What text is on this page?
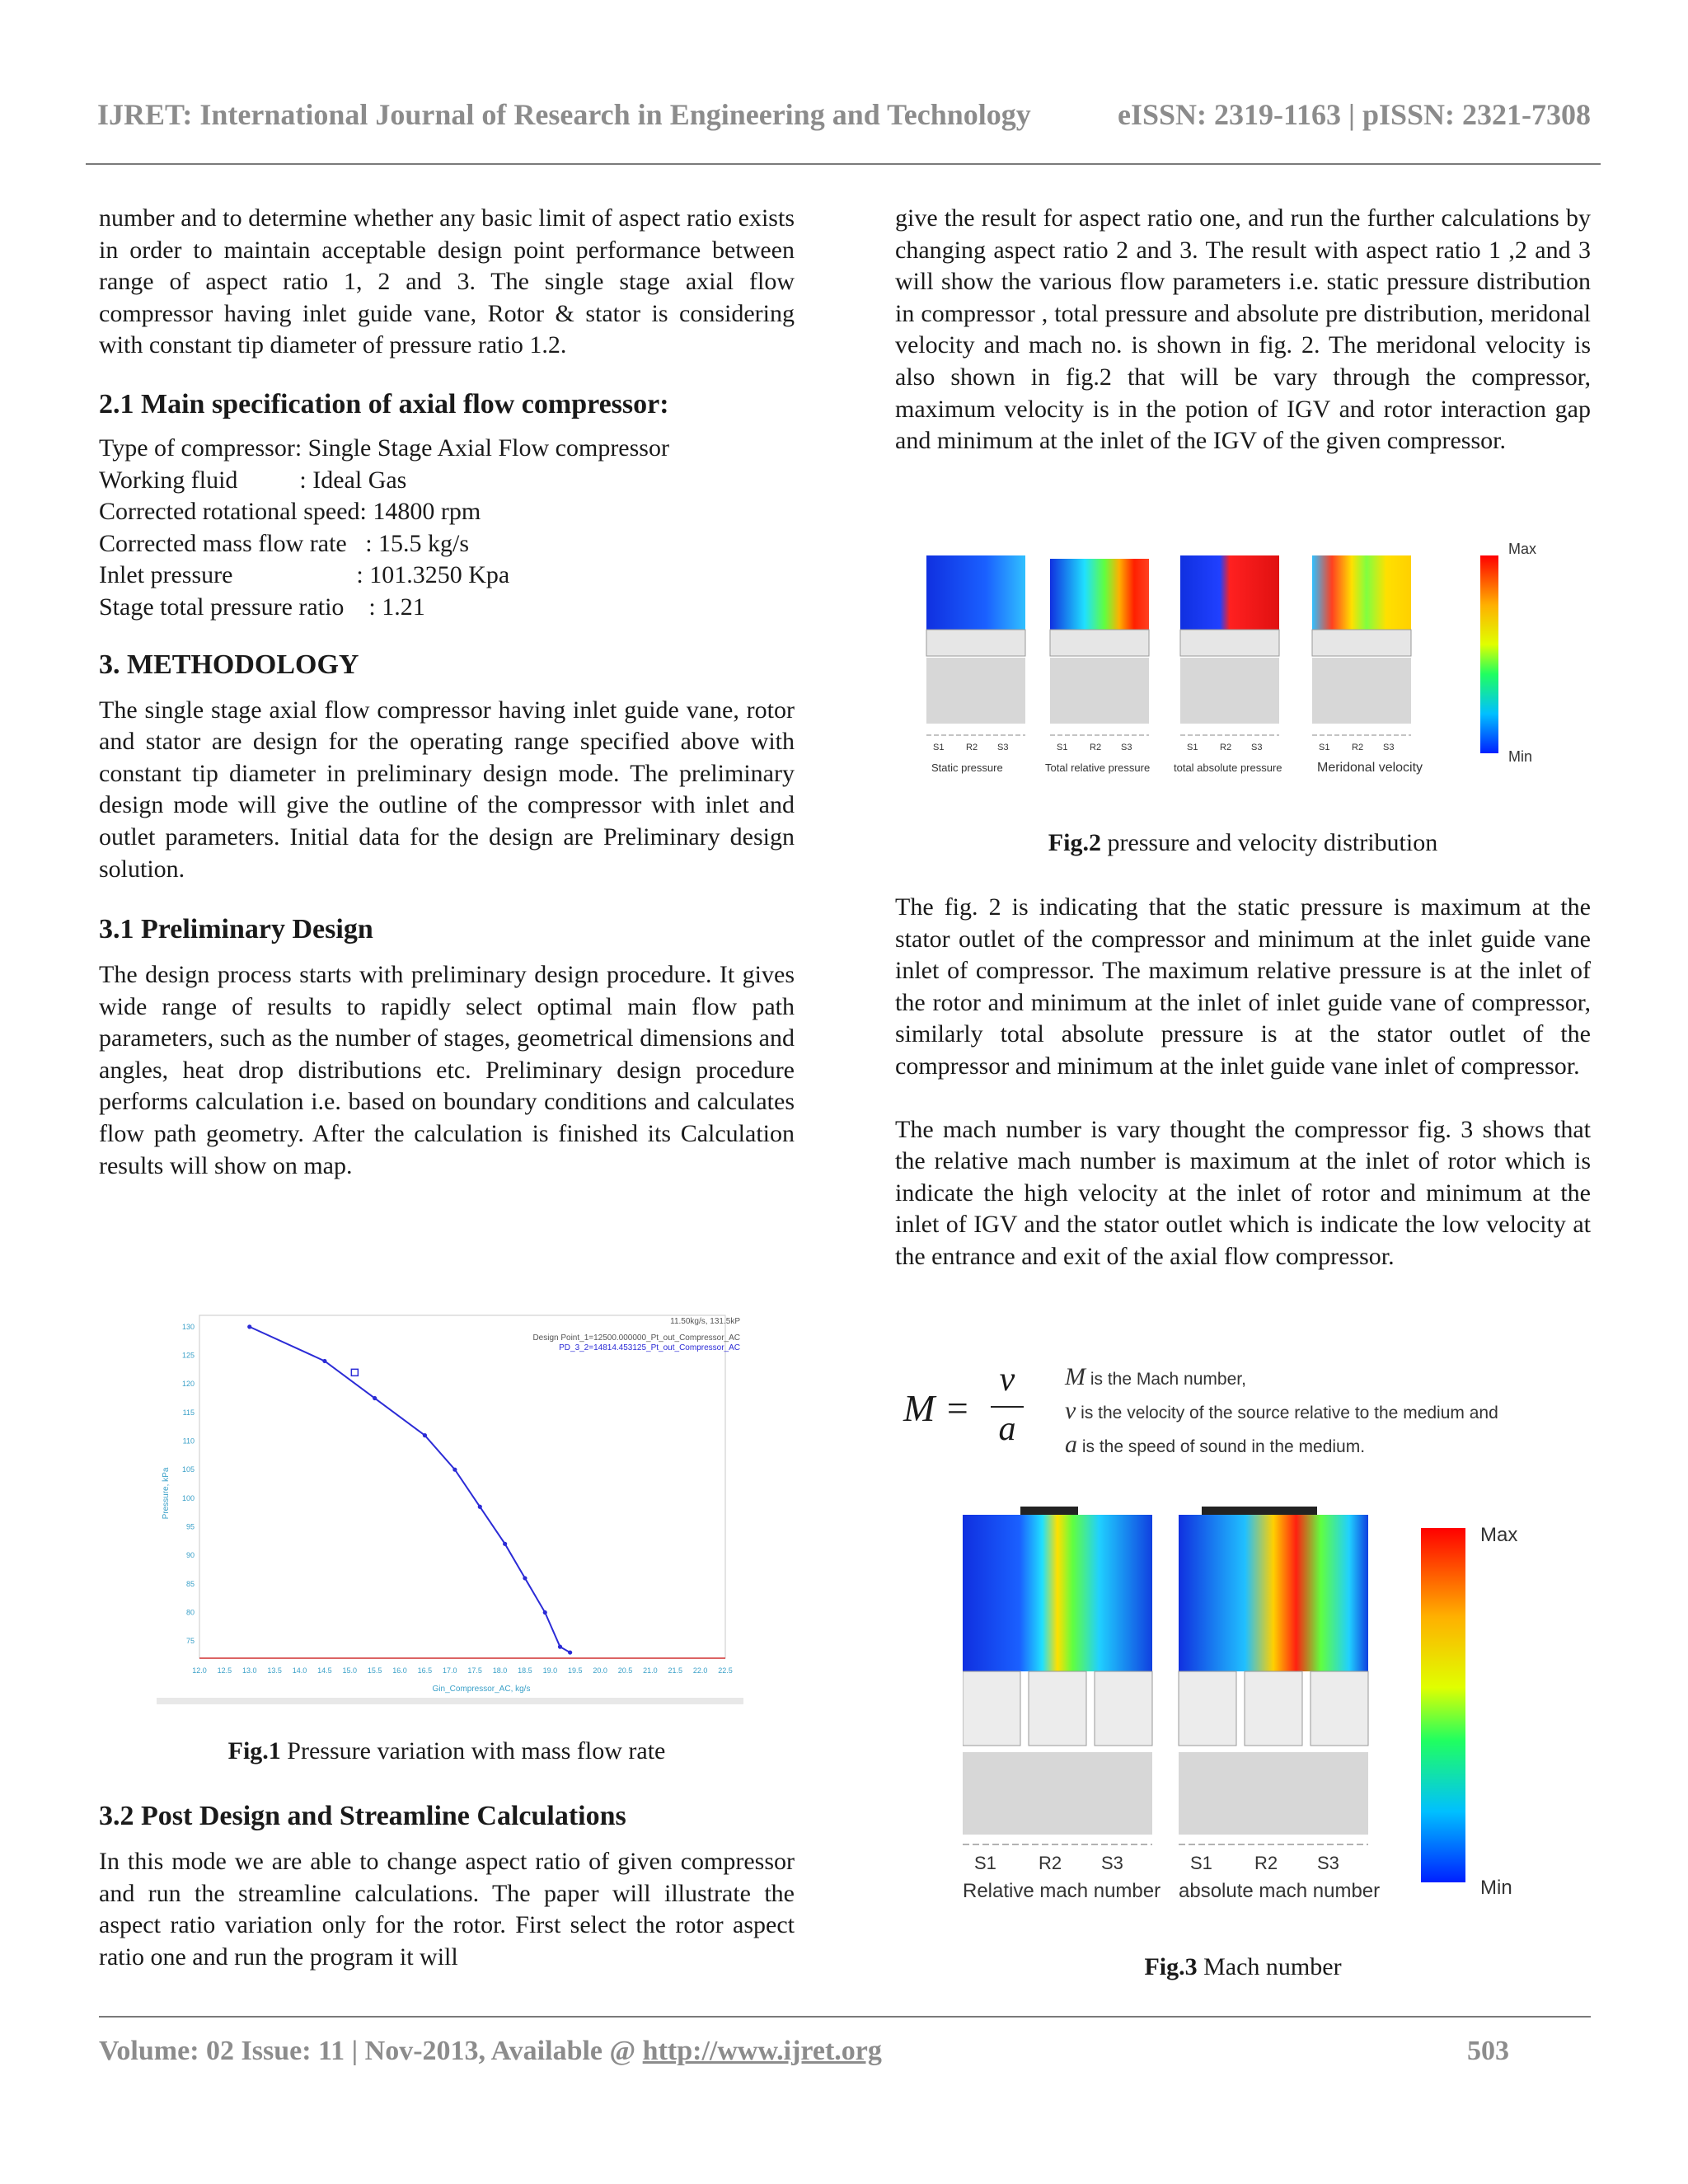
IJRET: International Journal of Research in Engineering and Technology	eISSN: 2319-1163 | pISSN: 2321-7308

number and to determine whether any basic limit of aspect ratio exists in order to maintain acceptable design point performance between range of aspect ratio 1, 2 and 3. The single stage axial flow compressor having inlet guide vane, Rotor & stator is considering with constant tip diameter of pressure ratio 1.2.

2.1 Main specification of axial flow compressor:
Type of compressor: Single Stage Axial Flow compressor
Working fluid          : Ideal Gas
Corrected rotational speed: 14800 rpm
Corrected mass flow rate   : 15.5 kg/s
Inlet pressure                    : 101.3250 Kpa
Stage total pressure ratio    : 1.21
3. METHODOLOGY

The single stage axial flow compressor having inlet guide vane, rotor and stator are design for the operating range specified above with constant tip diameter in preliminary design mode. The preliminary design mode will give the outline of the compressor with inlet and outlet parameters. Initial data for the design are Preliminary design solution.

3.1 Preliminary Design

The design process starts with preliminary design procedure. It gives wide range of results to rapidly select optimal main flow path parameters, such as the number of stages, geometrical dimensions and angles, heat drop distributions etc. Preliminary design procedure performs calculation i.e. based on boundary conditions and calculates flow path geometry. After the calculation is finished its Calculation results will show on map.

12.0 12.5 13.0 13.5 14.0 14.5 15.0 15.5 16.0 16.5 17.0 17.5 18.0 18.5 19.0 19.5 20.0 20.5 21.0 21.5 22.0 22.5
75
80
85
90
95
100
105
110
115
120
125
130
11.50kg/s, 131.5kP
Design Point_1=12500.000000_Pt_out_Compressor_AC
PD_3_2=14814.453125_Pt_out_Compressor_AC
Gin_Compressor_AC, kg/s
Pressure, kPa
Fig.1 Pressure variation with mass flow rate
3.2 Post Design and Streamline Calculations

In this mode we are able to change aspect ratio of given compressor and run the streamline calculations. The paper will illustrate the aspect ratio variation only for the rotor. First select the rotor aspect ratio one and run the program it will

give the result for aspect ratio one, and run the further calculations by changing aspect ratio 2 and 3. The result with aspect ratio 1 ,2 and 3 will show the various flow parameters i.e. static pressure distribution in compressor , total pressure and absolute pre distribution, meridonal velocity and mach no. is shown in fig. 2. The meridonal velocity is also shown in fig.2 that will be vary through the compressor, maximum velocity is in the potion of IGV and rotor interaction gap and minimum at the inlet of the IGV of the given compressor.

S1 R2 S3	S1 R2 S3	S1 R2 S3	S1 R2 S3
Static pressure	Total relative pressure total absolute pressure	Meridonal velocity
Max
Min
Fig.2 pressure and velocity distribution

The fig. 2 is indicating that the static pressure is maximum at the stator outlet of the compressor and minimum at the inlet guide vane inlet of compressor. The maximum relative pressure is at the inlet of the rotor and minimum at the inlet of inlet guide vane of compressor, similarly total absolute pressure is at the stator outlet of the compressor and minimum at the inlet guide vane inlet of compressor.

The mach number is vary thought the compressor fig. 3 shows that the relative mach number is maximum at the inlet of rotor which is indicate the high velocity at the inlet of rotor and minimum at the inlet of IGV and the stator outlet which is indicate the low velocity at the entrance and exit of the axial flow compressor.

M =
v
a
M is the Mach number,
v is the velocity of the source relative to the medium and
a is the speed of sound in the medium.
S1 R2 S3	S1 R2 S3
Relative mach number absolute mach number
Max
Min
Fig.3 Mach number
Volume: 02 Issue: 11 | Nov-2013, Available @ http://www.ijret.org	503
